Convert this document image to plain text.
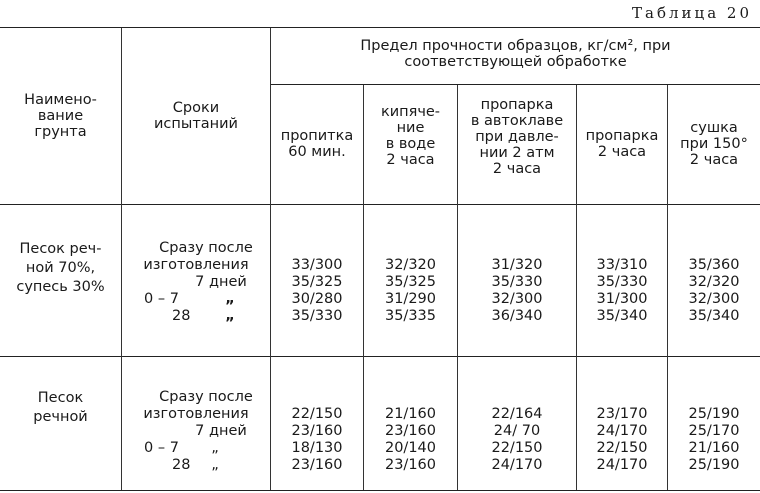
Таблица 20
Наимено-
вание
грунта
Сроки
испытаний
Предел прочности образцов, кг/см², при
соответствующей обработке
пропитка
60 мин.
кипяче-
ние
в воде
2 часа
пропарка
в автоклаве
при давле-
нии 2 атм
2 часа
пропарка
2 часа
сушка
при 150°
2 часа
Песок реч-
ной 70%,
супесь 30%
Сразу после
изготовления
7 дней
0 – 7
28
„
„
33/300
35/325
30/280
35/330
32/320
35/325
31/290
35/335
31/320
35/330
32/300
36/340
33/310
35/330
31/300
35/340
35/360
32/320
32/300
35/340
Песок
речной
Сразу после
изготовления
7 дней
0 – 7
28
„
„
22/150
23/160
18/130
23/160
21/160
23/160
20/140
23/160
22/164
24/ 70
22/150
24/170
23/170
24/170
22/150
24/170
25/190
25/170
21/160
25/190
